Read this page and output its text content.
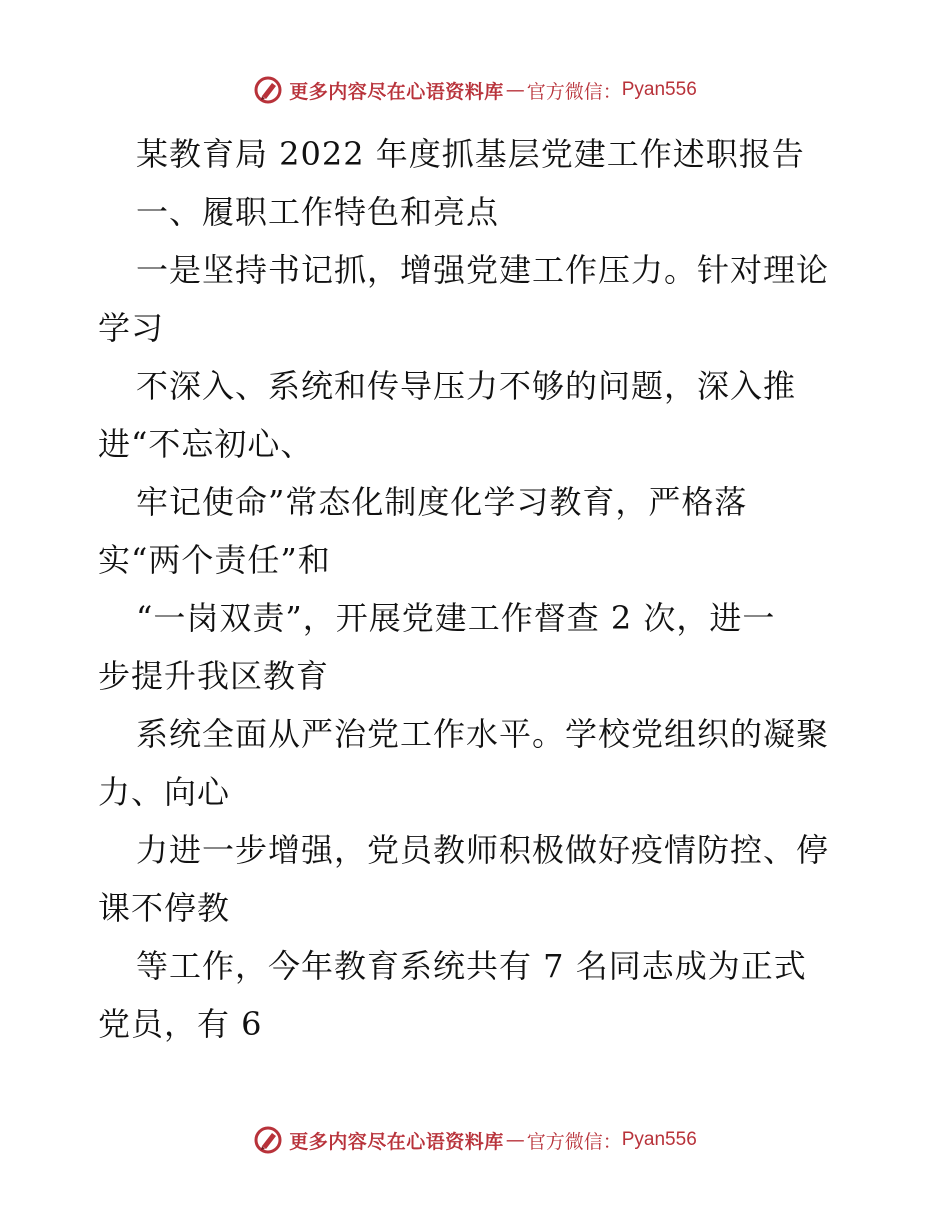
更多内容尽在心语资料库 — 官方微信： Pyan556
某教育局 2022 年度抓基层党建工作述职报告
一、履职工作特色和亮点
一是坚持书记抓，增强党建工作压力。针对理论
学习
不深入、系统和传导压力不够的问题，深入推
进“不忘初心、
牢记使命”常态化制度化学习教育，严格落
实“两个责任”和
“一岗双责”，开展党建工作督查 2 次，进一
步提升我区教育
系统全面从严治党工作水平。学校党组织的凝聚
力、向心
力进一步增强，党员教师积极做好疫情防控、停
课不停教
等工作，今年教育系统共有 7 名同志成为正式
党员，有 6
更多内容尽在心语资料库 — 官方微信： Pyan556
